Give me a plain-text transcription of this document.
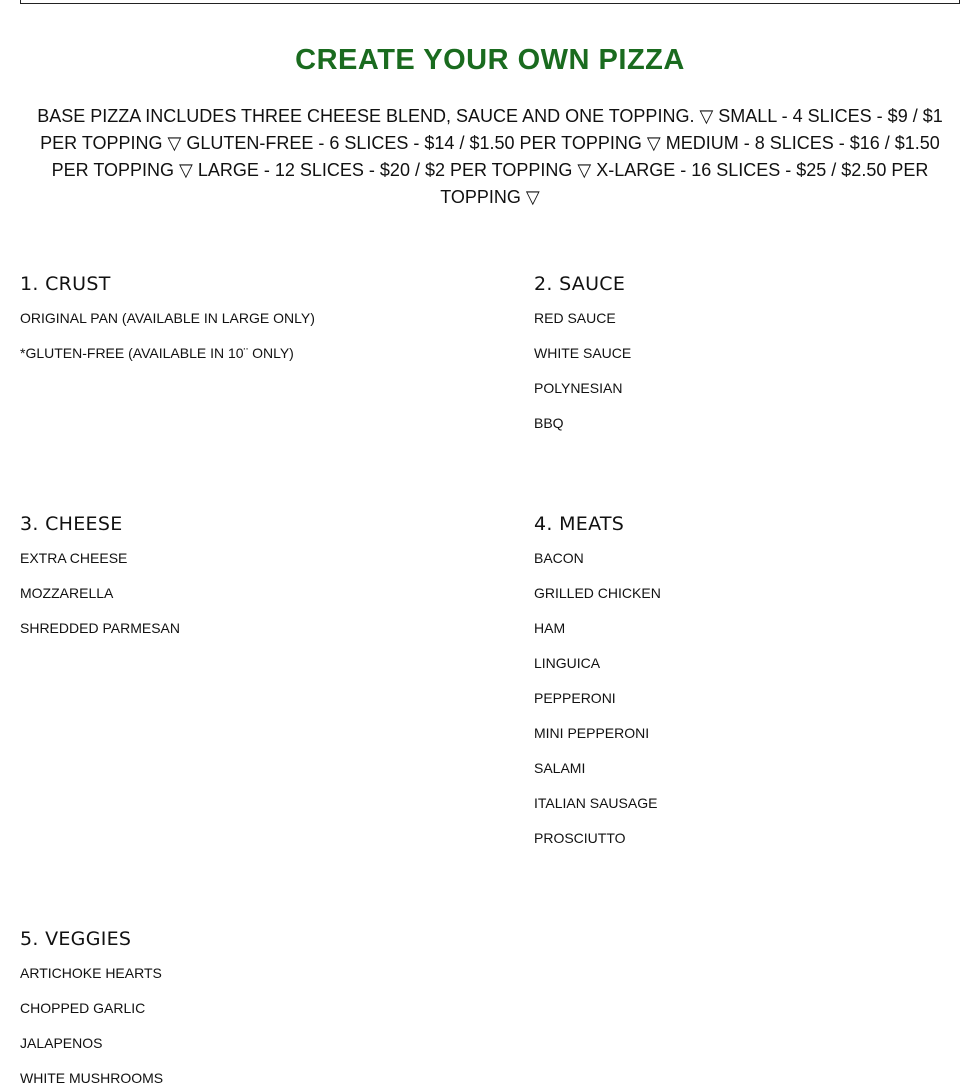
CREATE YOUR OWN PIZZA

BASE PIZZA INCLUDES THREE CHEESE BLEND, SAUCE AND ONE TOPPING. ▽ SMALL - 4 SLICES - $9 / $1 PER TOPPING ▽ GLUTEN-FREE - 6 SLICES - $14 / $1.50 PER TOPPING ▽ MEDIUM - 8 SLICES - $16 / $1.50 PER TOPPING ▽ LARGE - 12 SLICES - $20 / $2 PER TOPPING ▽ X-LARGE - 16 SLICES - $25 / $2.50 PER TOPPING ▽

1. CRUST
ORIGINAL PAN (AVAILABLE IN LARGE ONLY)
*GLUTEN-FREE (AVAILABLE IN 10¨ ONLY)
2. SAUCE
RED SAUCE
WHITE SAUCE
POLYNESIAN
BBQ
3. CHEESE
EXTRA CHEESE
MOZZARELLA
SHREDDED PARMESAN
4. MEATS
BACON
GRILLED CHICKEN
HAM
LINGUICA
PEPPERONI
MINI PEPPERONI
SALAMI
ITALIAN SAUSAGE
PROSCIUTTO
5. VEGGIES
ARTICHOKE HEARTS
CHOPPED GARLIC
JALAPENOS
WHITE MUSHROOMS
